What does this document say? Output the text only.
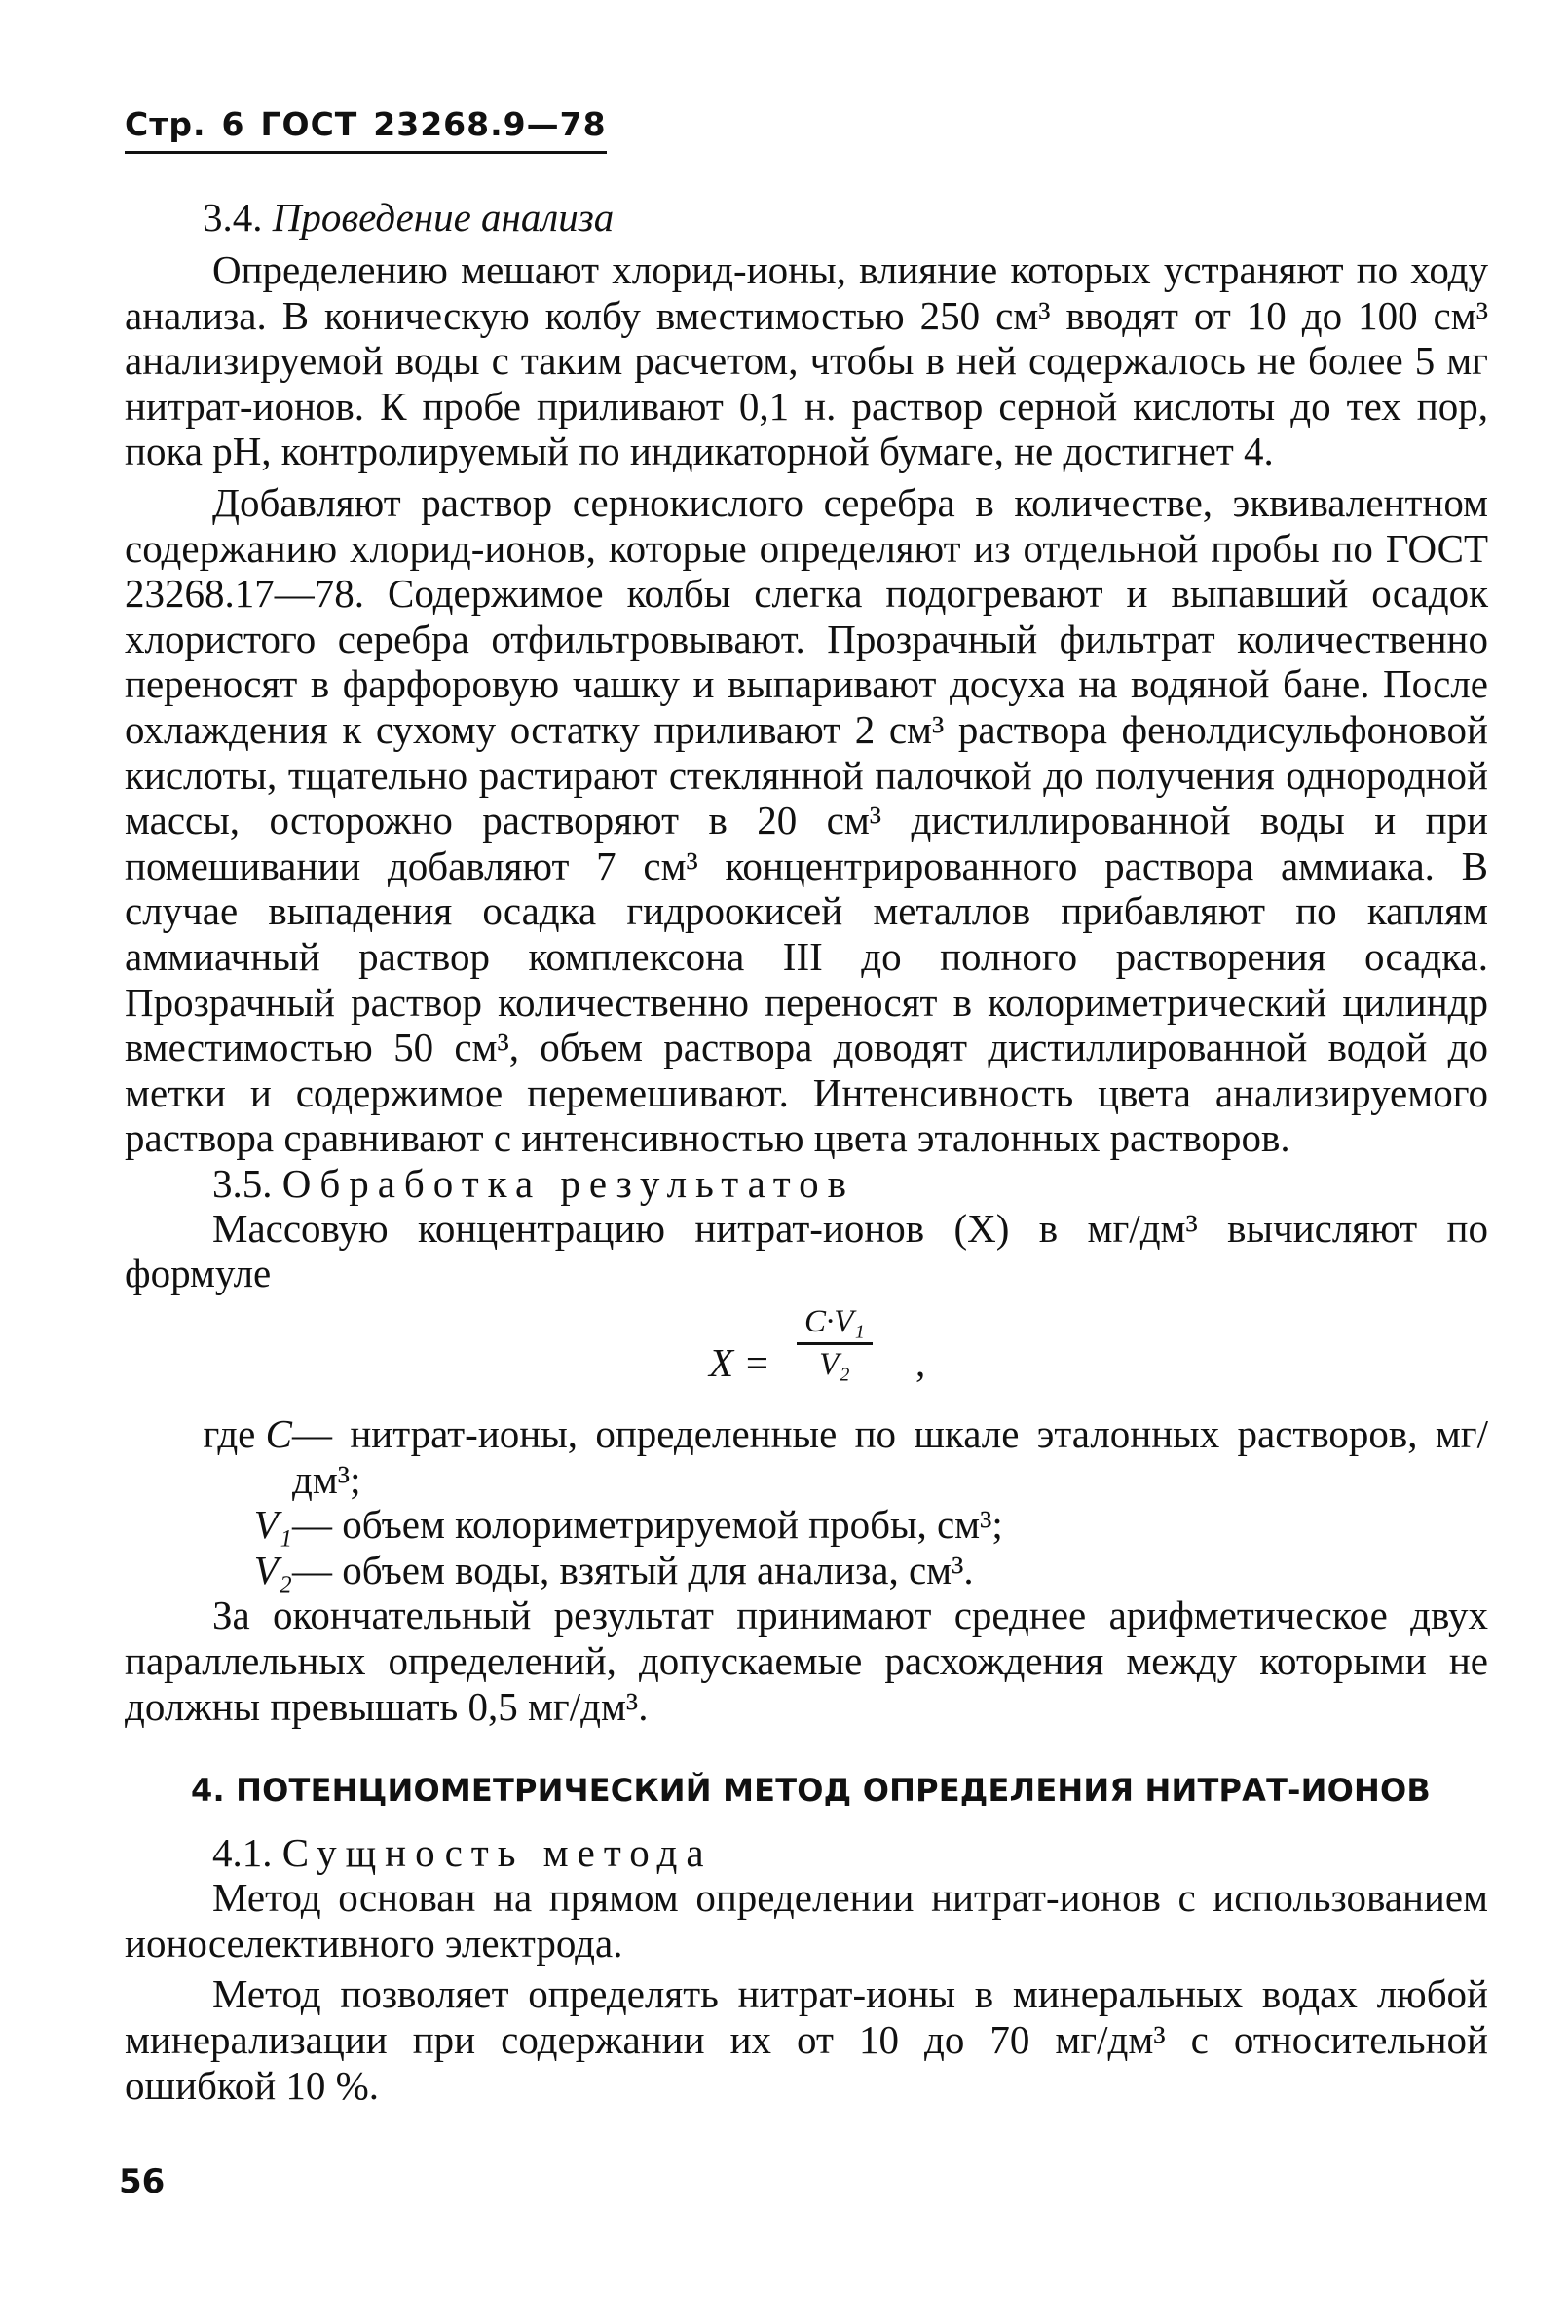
Стр. 6 ГОСТ 23268.9—78
3.4. Проведение анализа

Определению мешают хлорид-ионы, влияние которых устраняют по ходу анализа. В коническую колбу вместимостью 250 см³ вводят от 10 до 100 см³ анализируемой воды с таким расчетом, чтобы в ней содержалось не более 5 мг нитрат-ионов. К пробе приливают 0,1 н. раствор серной кислоты до тех пор, пока рН, контролируемый по индикаторной бумаге, не достигнет 4.

Добавляют раствор сернокислого серебра в количестве, эквивалентном содержанию хлорид-ионов, которые определяют из отдельной пробы по ГОСТ 23268.17—78. Содержимое колбы слегка подогревают и выпавший осадок хлористого серебра отфильтровывают. Прозрачный фильтрат количественно переносят в фарфоровую чашку и выпаривают досуха на водяной бане. После охлаждения к сухому остатку приливают 2 см³ раствора фенолдисульфоновой кислоты, тщательно растирают стеклянной палочкой до получения однородной массы, осторожно растворяют в 20 см³ дистиллированной воды и при помешивании добавляют 7 см³ концентрированного раствора аммиака. В случае выпадения осадка гидроокисей металлов прибавляют по каплям аммиачный раствор комплексона III до полного растворения осадка. Прозрачный раствор количественно переносят в колориметрический цилиндр вместимостью 50 см³, объем раствора доводят дистиллированной водой до метки и содержимое перемешивают. Интенсивность цвета анализируемого раствора сравнивают с интенсивностью цвета эталонных растворов.

3.5. Обработка результатов

Массовую концентрацию нитрат-ионов (X) в мг/дм³ вычисляют по формуле

$X = \frac{\text{C·V₁}}{\text{V₂}}$ ,
где C — нитрат-ионы, определенные по шкале эталонных растворов, мг/дм³;
V₁ — объем колориметрируемой пробы, см³;
V₂ — объем воды, взятый для анализа, см³.

За окончательный результат принимают среднее арифметическое двух параллельных определений, допускаемые расхождения между которыми не должны превышать 0,5 мг/дм³.

4. ПОТЕНЦИОМЕТРИЧЕСКИЙ МЕТОД ОПРЕДЕЛЕНИЯ НИТРАТ-ИОНОВ
4.1. Сущность метода

Метод основан на прямом определении нитрат-ионов с использованием ионоселективного электрода.

Метод позволяет определять нитрат-ионы в минеральных водах любой минерализации при содержании их от 10 до 70 мг/дм³ с относительной ошибкой 10 %.

56
